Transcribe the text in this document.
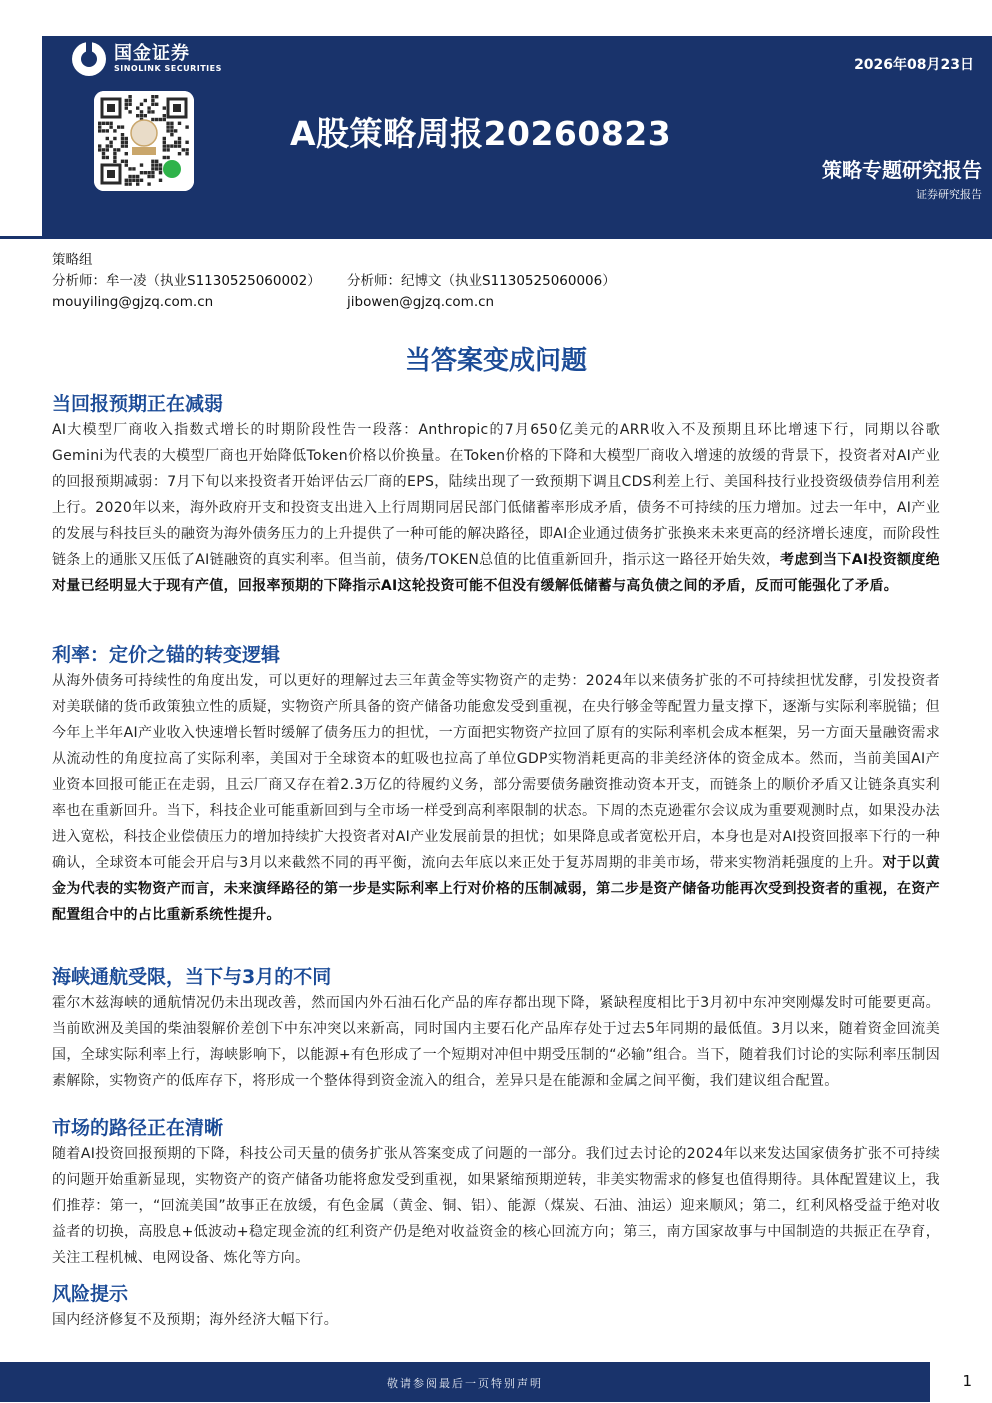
国金证券
SINOLINK SECURITIES	2026年08月23日
A股策略周报20260823
策略专题研究报告
证券研究报告
策略组
分析师：牟一凌（执业S1130525060002） 分析师：纪博文（执业S1130525060006）
mouyiling@gjzq.com.cn	jibowen@gjzq.com.cn
当答案变成问题
当回报预期正在减弱

AI大模型厂商收入指数式增长的时期阶段性告一段落：Anthropic的7月650亿美元的ARR收入不及预期且环比增速下行，同期以谷歌Gemini为代表的大模型厂商也开始降低Token价格以价换量。在Token价格的下降和大模型厂商收入增速的放缓的背景下，投资者对AI产业的回报预期减弱：7月下旬以来投资者开始评估云厂商的EPS，陆续出现了一致预期下调且CDS利差上行、美国科技行业投资级债券信用利差上行。2020年以来，海外政府开支和投资支出进入上行周期同居民部门低储蓄率形成矛盾，债务不可持续的压力增加。过去一年中，AI产业的发展与科技巨头的融资为海外债务压力的上升提供了一种可能的解决路径，即AI企业通过债务扩张换来未来更高的经济增长速度，而阶段性链条上的通胀又压低了AI链融资的真实利率。但当前，债务/TOKEN总值的比值重新回升，指示这一路径开始失效，考虑到当下AI投资额度绝对量已经明显大于现有产值，回报率预期的下降指示AI这轮投资可能不但没有缓解低储蓄与高负债之间的矛盾，反而可能强化了矛盾。

利率：定价之锚的转变逻辑

从海外债务可持续性的角度出发，可以更好的理解过去三年黄金等实物资产的走势：2024年以来债务扩张的不可持续担忧发酵，引发投资者对美联储的货币政策独立性的质疑，实物资产所具备的资产储备功能愈发受到重视，在央行够金等配置力量支撑下，逐渐与实际利率脱锚；但今年上半年AI产业收入快速增长暂时缓解了债务压力的担忧，一方面把实物资产拉回了原有的实际利率机会成本框架，另一方面天量融资需求从流动性的角度拉高了实际利率，美国对于全球资本的虹吸也拉高了单位GDP实物消耗更高的非美经济体的资金成本。然而，当前美国AI产业资本回报可能正在走弱，且云厂商又存在着2.3万亿的待履约义务，部分需要债务融资推动资本开支，而链条上的顺价矛盾又让链条真实利率也在重新回升。当下，科技企业可能重新回到与全市场一样受到高利率限制的状态。下周的杰克逊霍尔会议成为重要观测时点，如果没办法进入宽松，科技企业偿债压力的增加持续扩大投资者对AI产业发展前景的担忧；如果降息或者宽松开启，本身也是对AI投资回报率下行的一种确认，全球资本可能会开启与3月以来截然不同的再平衡，流向去年底以来正处于复苏周期的非美市场，带来实物消耗强度的上升。对于以黄金为代表的实物资产而言，未来演绎路径的第一步是实际利率上行对价格的压制减弱，第二步是资产储备功能再次受到投资者的重视，在资产配置组合中的占比重新系统性提升。

海峡通航受限，当下与3月的不同

霍尔木兹海峡的通航情况仍未出现改善，然而国内外石油石化产品的库存都出现下降，紧缺程度相比于3月初中东冲突刚爆发时可能要更高。当前欧洲及美国的柴油裂解价差创下中东冲突以来新高，同时国内主要石化产品库存处于过去5年同期的最低值。3月以来，随着资金回流美国，全球实际利率上行，海峡影响下，以能源+有色形成了一个短期对冲但中期受压制的“必输”组合。当下，随着我们讨论的实际利率压制因素解除，实物资产的低库存下，将形成一个整体得到资金流入的组合，差异只是在能源和金属之间平衡，我们建议组合配置。

市场的路径正在清晰

随着AI投资回报预期的下降，科技公司天量的债务扩张从答案变成了问题的一部分。我们过去讨论的2024年以来发达国家债务扩张不可持续的问题开始重新显现，实物资产的资产储备功能将愈发受到重视，如果紧缩预期逆转，非美实物需求的修复也值得期待。具体配置建议上，我们推荐：第一，“回流美国”故事正在放缓，有色金属（黄金、铜、铝）、能源（煤炭、石油、油运）迎来顺风；第二，红利风格受益于绝对收益者的切换，高股息+低波动+稳定现金流的红利资产仍是绝对收益资金的核心回流方向；第三，南方国家故事与中国制造的共振正在孕育，关注工程机械、电网设备、炼化等方向。

风险提示

国内经济修复不及预期；海外经济大幅下行。

敬请参阅最后一页特别声明	1
